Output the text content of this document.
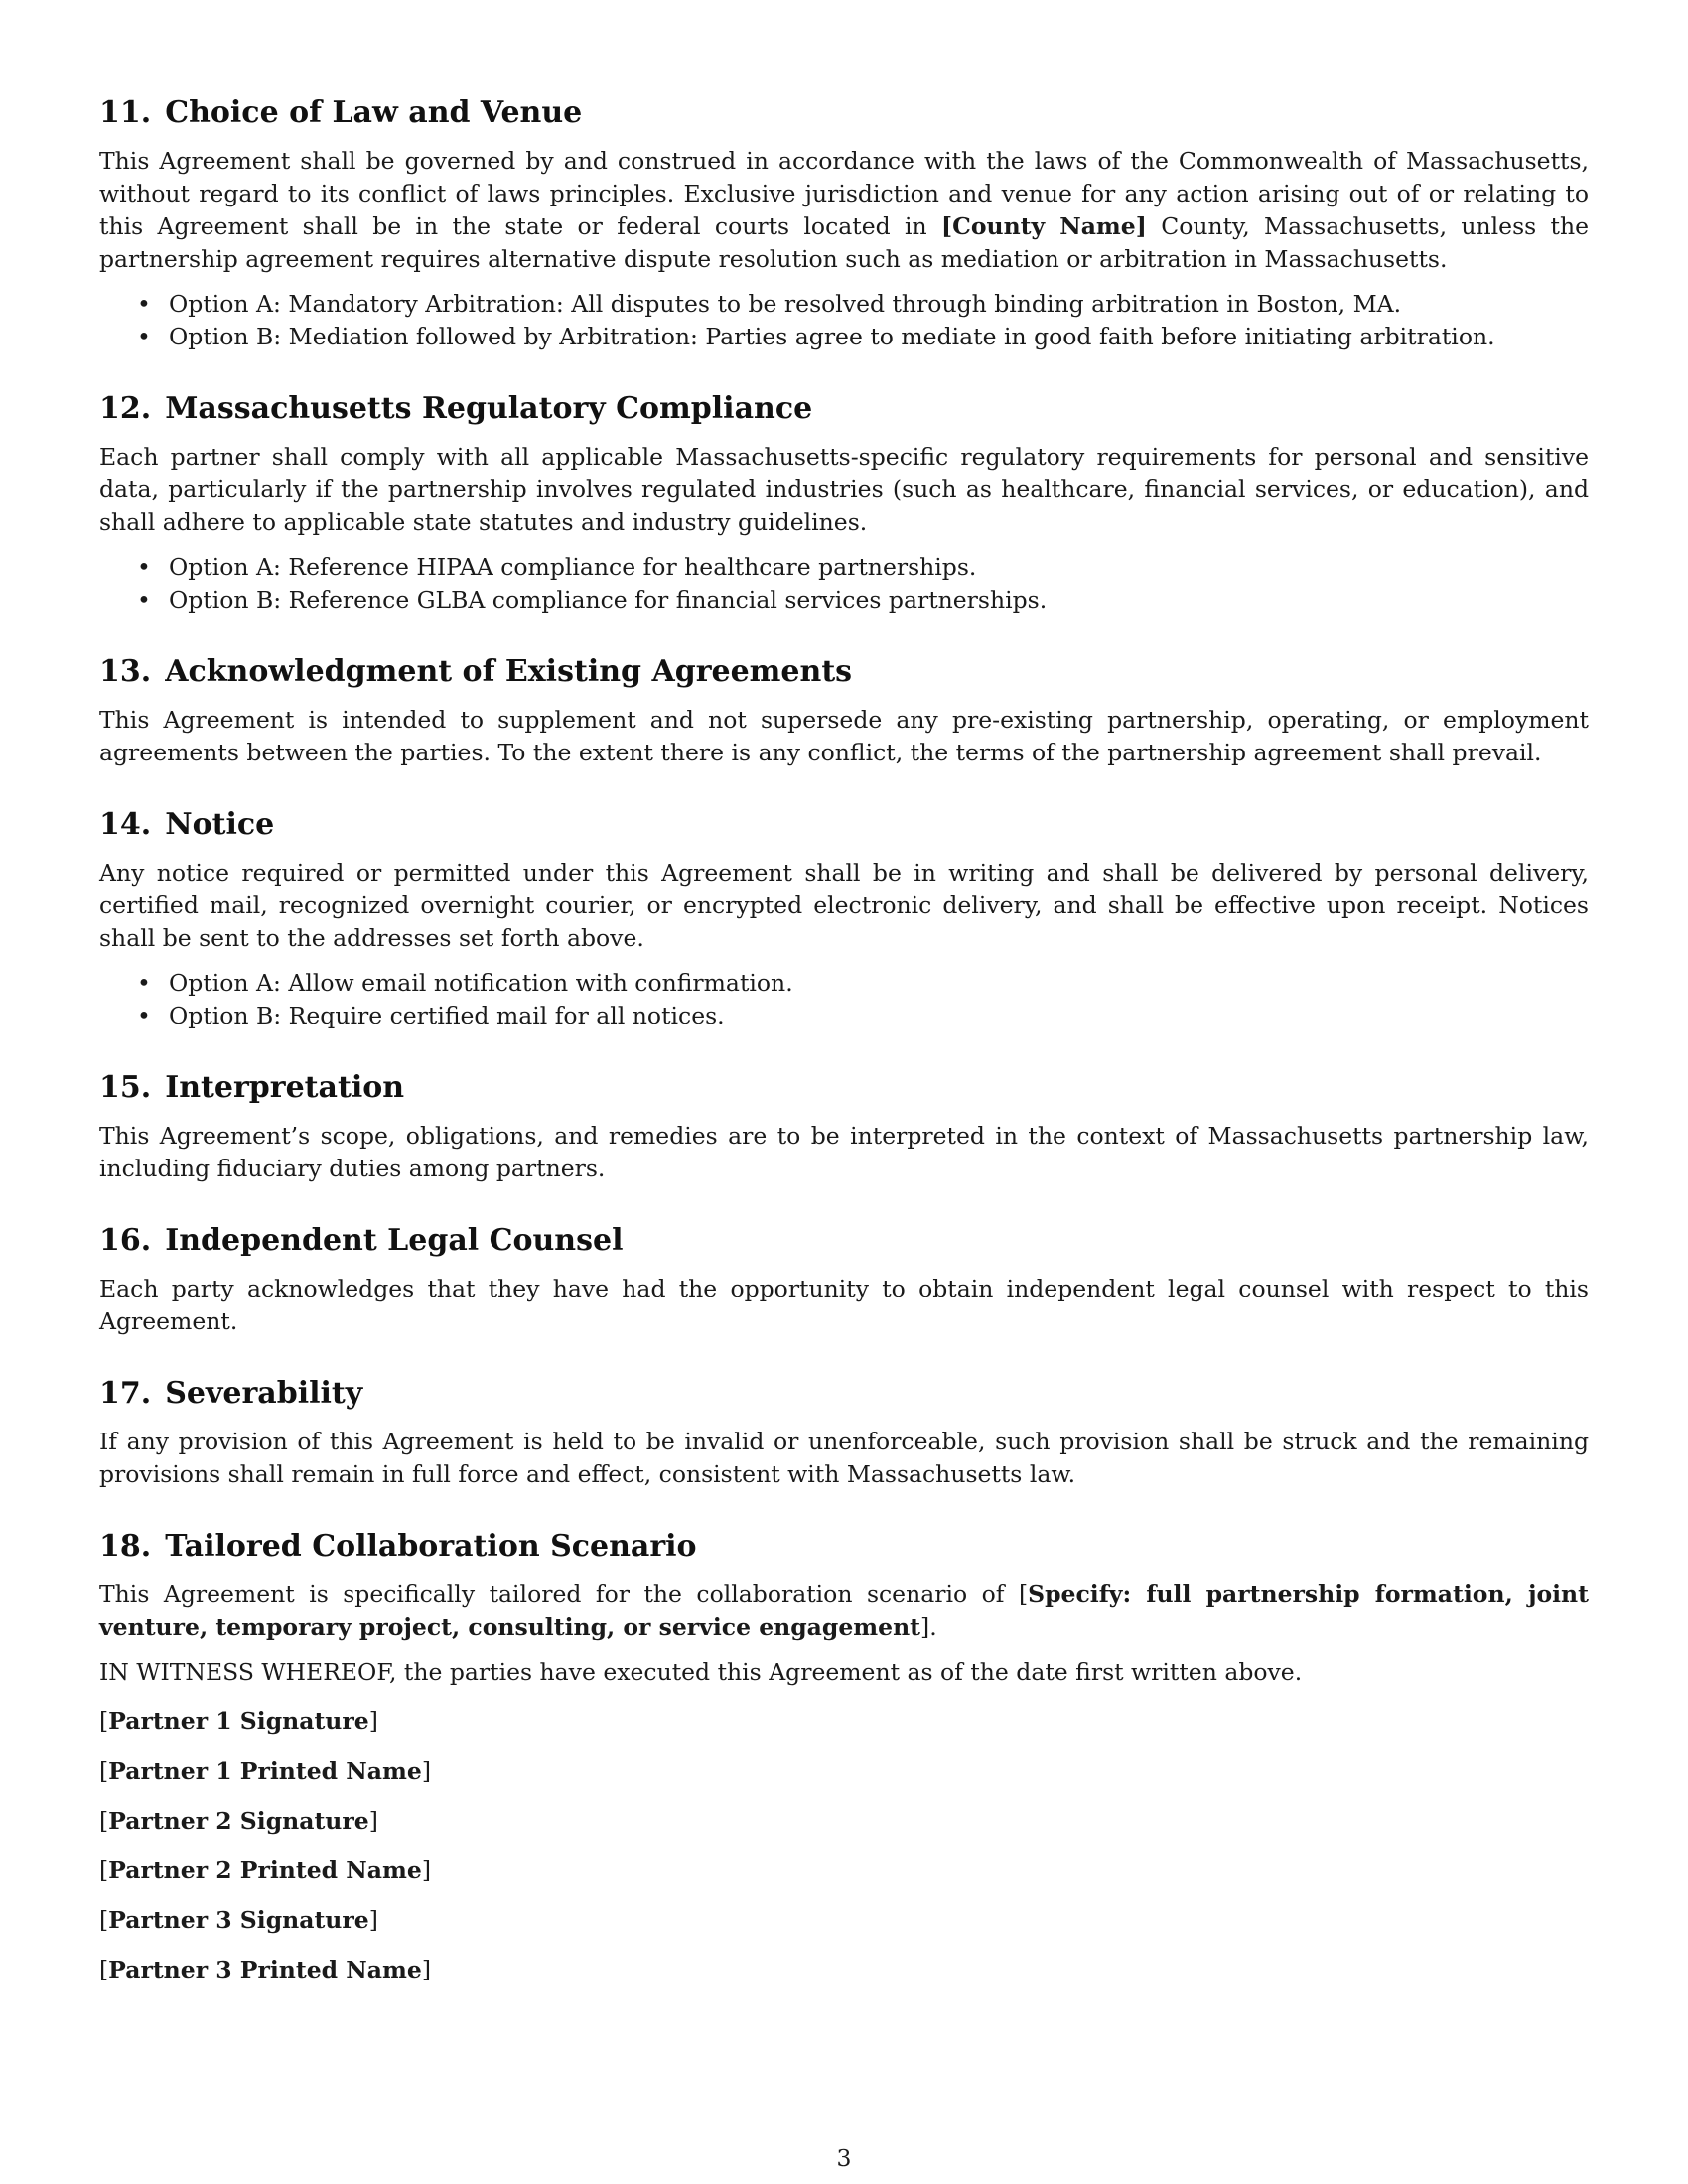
11. Choice of Law and Venue

This Agreement shall be governed by and construed in accordance with the laws of the Commonwealth of Massachusetts, without regard to its conflict of laws principles. Exclusive jurisdiction and venue for any action arising out of or relating to this Agreement shall be in the state or federal courts located in [County Name] County, Massachusetts, unless the partnership agreement requires alternative dispute resolution such as mediation or arbitration in Massachusetts.

• Option A: Mandatory Arbitration: All disputes to be resolved through binding arbitration in Boston, MA.
• Option B: Mediation followed by Arbitration: Parties agree to mediate in good faith before initiating arbitration.
12. Massachusetts Regulatory Compliance

Each partner shall comply with all applicable Massachusetts-specific regulatory requirements for personal and sensitive data, particularly if the partnership involves regulated industries (such as healthcare, financial services, or education), and shall adhere to applicable state statutes and industry guidelines.

• Option A: Reference HIPAA compliance for healthcare partnerships.
• Option B: Reference GLBA compliance for financial services partnerships.
13. Acknowledgment of Existing Agreements

This Agreement is intended to supplement and not supersede any pre-existing partnership, operating, or employment agreements between the parties. To the extent there is any conflict, the terms of the partnership agreement shall prevail.

14. Notice

Any notice required or permitted under this Agreement shall be in writing and shall be delivered by personal delivery, certified mail, recognized overnight courier, or encrypted electronic delivery, and shall be effective upon receipt. Notices shall be sent to the addresses set forth above.

• Option A: Allow email notification with confirmation.
• Option B: Require certified mail for all notices.
15. Interpretation

This Agreement’s scope, obligations, and remedies are to be interpreted in the context of Massachusetts partnership law, including fiduciary duties among partners.

16. Independent Legal Counsel

Each party acknowledges that they have had the opportunity to obtain independent legal counsel with respect to this Agreement.

17. Severability

If any provision of this Agreement is held to be invalid or unenforceable, such provision shall be struck and the remaining provisions shall remain in full force and effect, consistent with Massachusetts law.

18. Tailored Collaboration Scenario

This Agreement is specifically tailored for the collaboration scenario of [Specify: full partnership formation, joint venture, temporary project, consulting, or service engagement].

IN WITNESS WHEREOF, the parties have executed this Agreement as of the date first written above.

[Partner 1 Signature]
[Partner 1 Printed Name]
[Partner 2 Signature]
[Partner 2 Printed Name]
[Partner 3 Signature]
[Partner 3 Printed Name]
3
